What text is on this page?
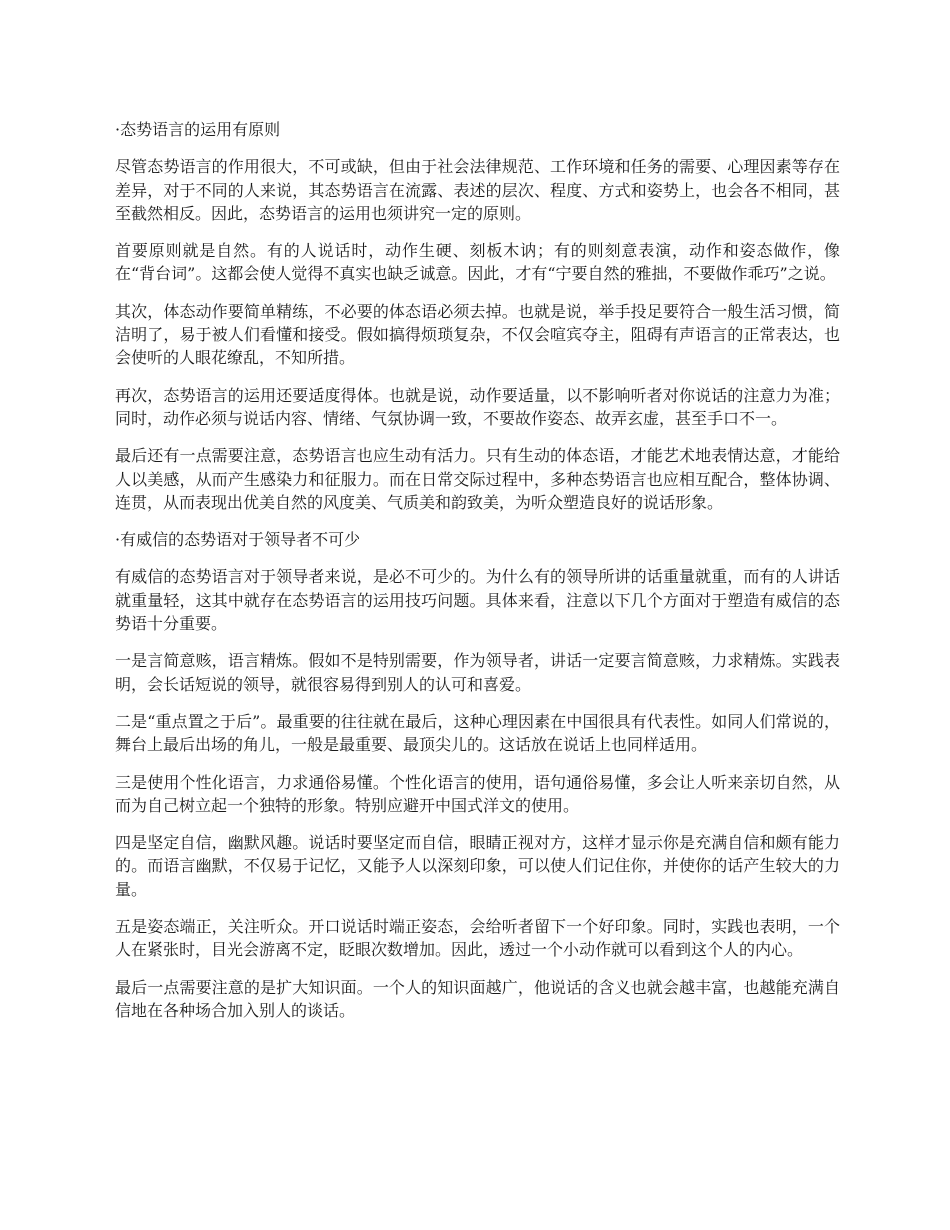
·态势语言的运用有原则
尽管态势语言的作用很大，不可或缺，但由于社会法律规范、工作环境和任务的需要、心理因素等存在差异，对于不同的人来说，其态势语言在流露、表述的层次、程度、方式和姿势上，也会各不相同，甚至截然相反。因此，态势语言的运用也须讲究一定的原则。
首要原则就是自然。有的人说话时，动作生硬、刻板木讷；有的则刻意表演，动作和姿态做作，像在“背台词”。这都会使人觉得不真实也缺乏诚意。因此，才有“宁要自然的雅拙，不要做作乖巧”之说。
其次，体态动作要简单精练，不必要的体态语必须去掉。也就是说，举手投足要符合一般生活习惯，简洁明了，易于被人们看懂和接受。假如搞得烦琐复杂，不仅会喧宾夺主，阻碍有声语言的正常表达，也会使听的人眼花缭乱，不知所措。
再次，态势语言的运用还要适度得体。也就是说，动作要适量，以不影响听者对你说话的注意力为准；同时，动作必须与说话内容、情绪、气氛协调一致，不要故作姿态、故弄玄虚，甚至手口不一。
最后还有一点需要注意，态势语言也应生动有活力。只有生动的体态语，才能艺术地表情达意，才能给人以美感，从而产生感染力和征服力。而在日常交际过程中，多种态势语言也应相互配合，整体协调、连贯，从而表现出优美自然的风度美、气质美和韵致美，为听众塑造良好的说话形象。
·有威信的态势语对于领导者不可少
有威信的态势语言对于领导者来说，是必不可少的。为什么有的领导所讲的话重量就重，而有的人讲话就重量轻，这其中就存在态势语言的运用技巧问题。具体来看，注意以下几个方面对于塑造有威信的态势语十分重要。
一是言简意赅，语言精炼。假如不是特别需要，作为领导者，讲话一定要言简意赅，力求精炼。实践表明，会长话短说的领导，就很容易得到别人的认可和喜爱。
二是“重点置之于后”。最重要的往往就在最后，这种心理因素在中国很具有代表性。如同人们常说的，舞台上最后出场的角儿，一般是最重要、最顶尖儿的。这话放在说话上也同样适用。
三是使用个性化语言，力求通俗易懂。个性化语言的使用，语句通俗易懂，多会让人听来亲切自然，从而为自己树立起一个独特的形象。特别应避开中国式洋文的使用。
四是坚定自信，幽默风趣。说话时要坚定而自信，眼睛正视对方，这样才显示你是充满自信和颇有能力的。而语言幽默，不仅易于记忆，又能予人以深刻印象，可以使人们记住你，并使你的话产生较大的力量。
五是姿态端正，关注听众。开口说话时端正姿态，会给听者留下一个好印象。同时，实践也表明，一个人在紧张时，目光会游离不定，眨眼次数增加。因此，透过一个小动作就可以看到这个人的内心。
最后一点需要注意的是扩大知识面。一个人的知识面越广，他说话的含义也就会越丰富，也越能充满自信地在各种场合加入别人的谈话。
